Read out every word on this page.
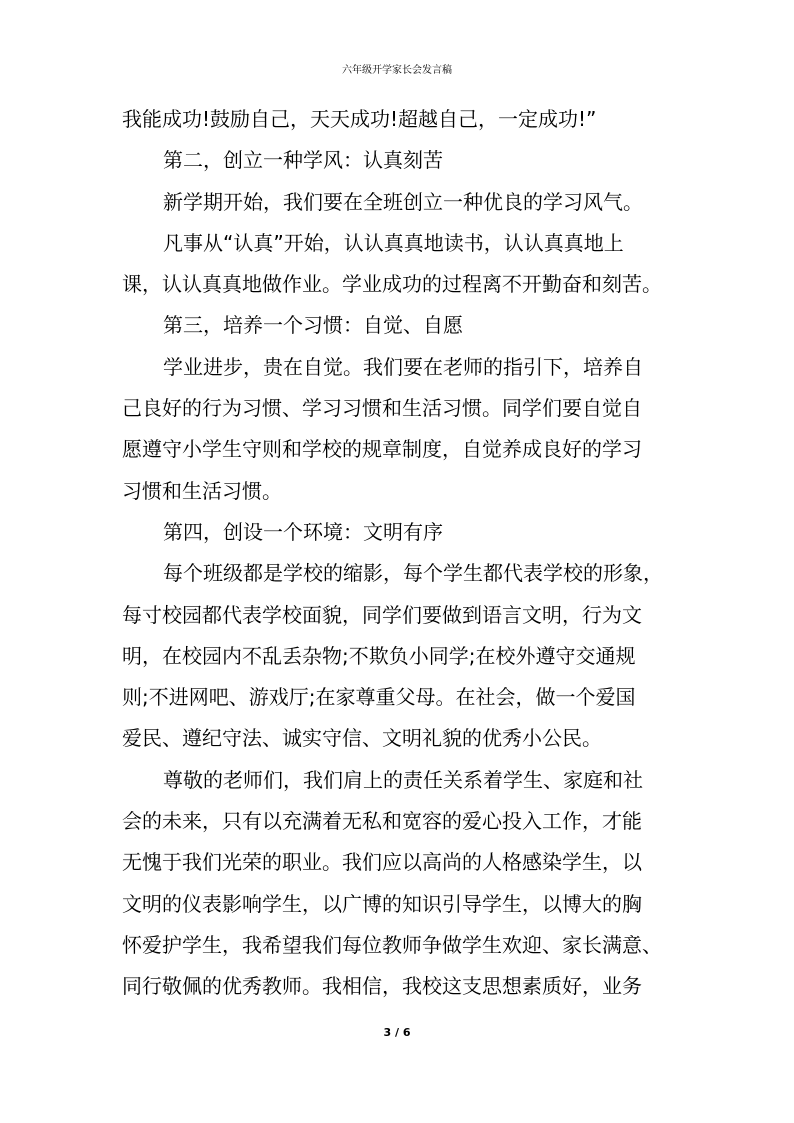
六年级开学家长会发言稿
我能成功!鼓励自己，天天成功!超越自己，一定成功!”
第二，创立一种学风：认真刻苦
新学期开始，我们要在全班创立一种优良的学习风气。
凡事从“认真”开始，认认真真地读书，认认真真地上
课，认认真真地做作业。学业成功的过程离不开勤奋和刻苦。
第三，培养一个习惯：自觉、自愿
学业进步，贵在自觉。我们要在老师的指引下，培养自
己良好的行为习惯、学习习惯和生活习惯。同学们要自觉自
愿遵守小学生守则和学校的规章制度，自觉养成良好的学习
习惯和生活习惯。
第四，创设一个环境：文明有序
每个班级都是学校的缩影，每个学生都代表学校的形象，
每寸校园都代表学校面貌，同学们要做到语言文明，行为文
明，在校园内不乱丢杂物;不欺负小同学;在校外遵守交通规
则;不进网吧、游戏厅;在家尊重父母。在社会，做一个爱国
爱民、遵纪守法、诚实守信、文明礼貌的优秀小公民。
尊敬的老师们，我们肩上的责任关系着学生、家庭和社
会的未来，只有以充满着无私和宽容的爱心投入工作，才能
无愧于我们光荣的职业。我们应以高尚的人格感染学生，以
文明的仪表影响学生，以广博的知识引导学生，以博大的胸
怀爱护学生，我希望我们每位教师争做学生欢迎、家长满意、
同行敬佩的优秀教师。我相信，我校这支思想素质好，业务
3 / 6
